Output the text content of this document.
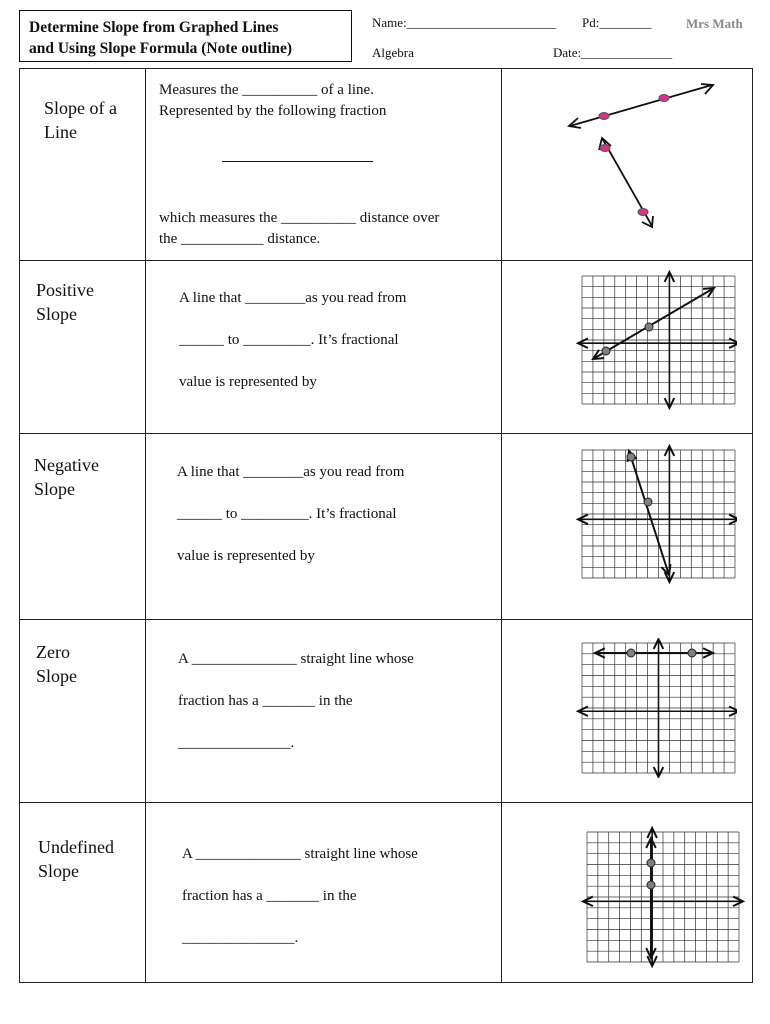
Determine Slope from Graphed Lines
and Using Slope Formula (Note outline)
Name:_______________________ Pd:________	Mrs Math
Algebra	Date:______________
Slope of a
Line

Measures the __________ of a line.

Represented by the following fraction

which measures the __________ distance over

the ___________ distance.

Positive
Slope

A line that ________as you read from

______ to _________. It’s fractional

value is represented by

Negative
Slope

A line that ________as you read from

______ to _________. It’s fractional

value is represented by

Zero
Slope

A ______________ straight line whose

fraction has a _______ in the

_______________.

Undefined
Slope

A ______________ straight line whose

fraction has a _______ in the

_______________.
